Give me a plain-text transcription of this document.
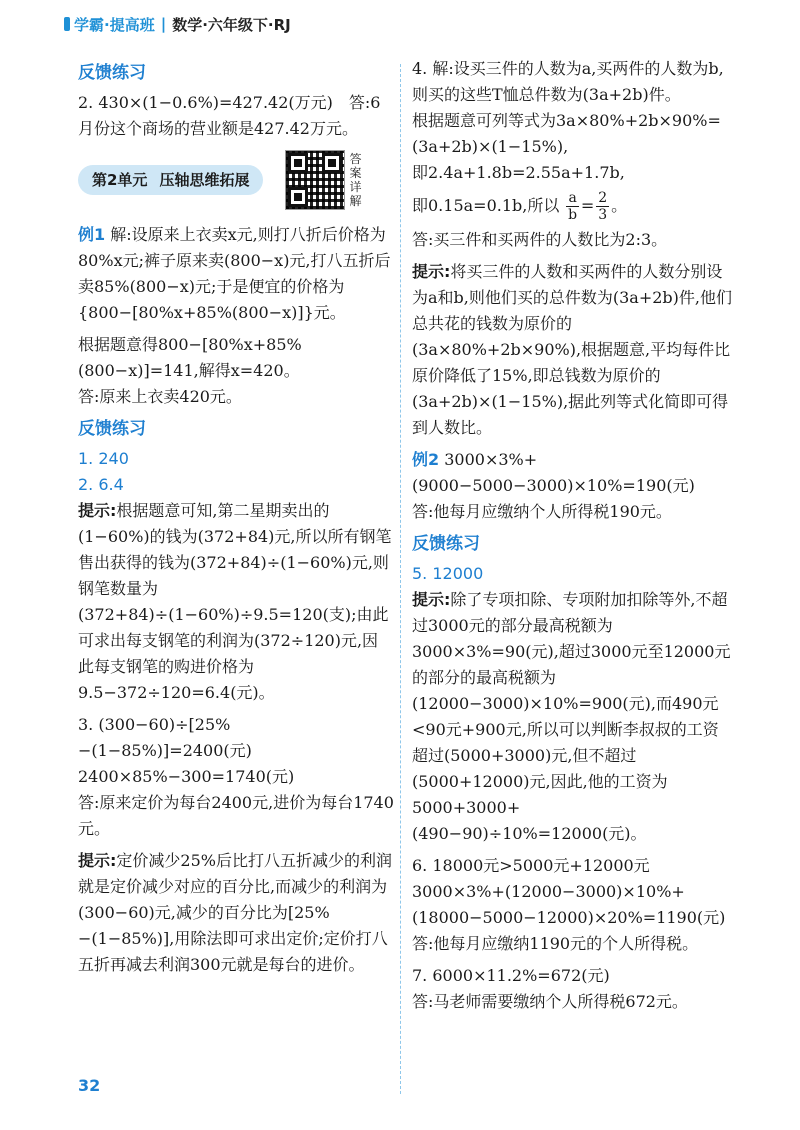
学霸·提高班 | 数学·六年级下·RJ

反馈练习

2. 430×(1−0.6%)=427.42(万元)　答:6月份这个商场的营业额是427.42万元。

第2单元 压轴思维拓展
答案详解

例1 解:设原来上衣卖x元,则打八折后价格为80%x元;裤子原来卖(800−x)元,打八五折后卖85%(800−x)元;于是便宜的价格为{800−[80%x+85%(800−x)]}元。

根据题意得800−[80%x+85%(800−x)]=141,解得x=420。

答:原来上衣卖420元。

反馈练习

1. 240

2. 6.4

提示:根据题意可知,第二星期卖出的(1−60%)的钱为(372+84)元,所以所有钢笔售出获得的钱为(372+84)÷(1−60%)元,则钢笔数量为(372+84)÷(1−60%)÷9.5=120(支);由此可求出每支钢笔的利润为(372÷120)元,因此每支钢笔的购进价格为9.5−372÷120=6.4(元)。

3. (300−60)÷[25%−(1−85%)]=2400(元)

2400×85%−300=1740(元)

答:原来定价为每台2400元,进价为每台1740元。

提示:定价减少25%后比打八五折减少的利润就是定价减少对应的百分比,而减少的利润为(300−60)元,减少的百分比为[25%−(1−85%)],用除法即可求出定价;定价打八五折再减去利润300元就是每台的进价。

4. 解:设买三件的人数为a,买两件的人数为b,则买的这些T恤总件数为(3a+2b)件。

根据题意可列等式为3a×80%+2b×90%=(3a+2b)×(1−15%),

即2.4a+1.8b=2.55a+1.7b,

即0.15a=0.1b,所以 $\frac{a}{b} = \frac{2}{3}$ 。

答:买三件和买两件的人数比为2:3。

提示:将买三件的人数和买两件的人数分别设为a和b,则他们买的总件数为(3a+2b)件,他们总共花的钱数为原价的(3a×80%+2b×90%),根据题意,平均每件比原价降低了15%,即总钱数为原价的(3a+2b)×(1−15%),据此列等式化简即可得到人数比。

例2 3000×3%+(9000−5000−3000)×10%=190(元)

答:他每月应缴纳个人所得税190元。

反馈练习

5. 12000

提示:除了专项扣除、专项附加扣除等外,不超过3000元的部分最高税额为3000×3%=90(元),超过3000元至12000元的部分的最高税额为(12000−3000)×10%=900(元),而490元<90元+900元,所以可以判断李叔叔的工资超过(5000+3000)元,但不超过(5000+12000)元,因此,他的工资为5000+3000+(490−90)÷10%=12000(元)。

6. 18000元>5000元+12000元

3000×3%+(12000−3000)×10%+(18000−5000−12000)×20%=1190(元)

答:他每月应缴纳1190元的个人所得税。

7. 6000×11.2%=672(元)

答:马老师需要缴纳个人所得税672元。

32
